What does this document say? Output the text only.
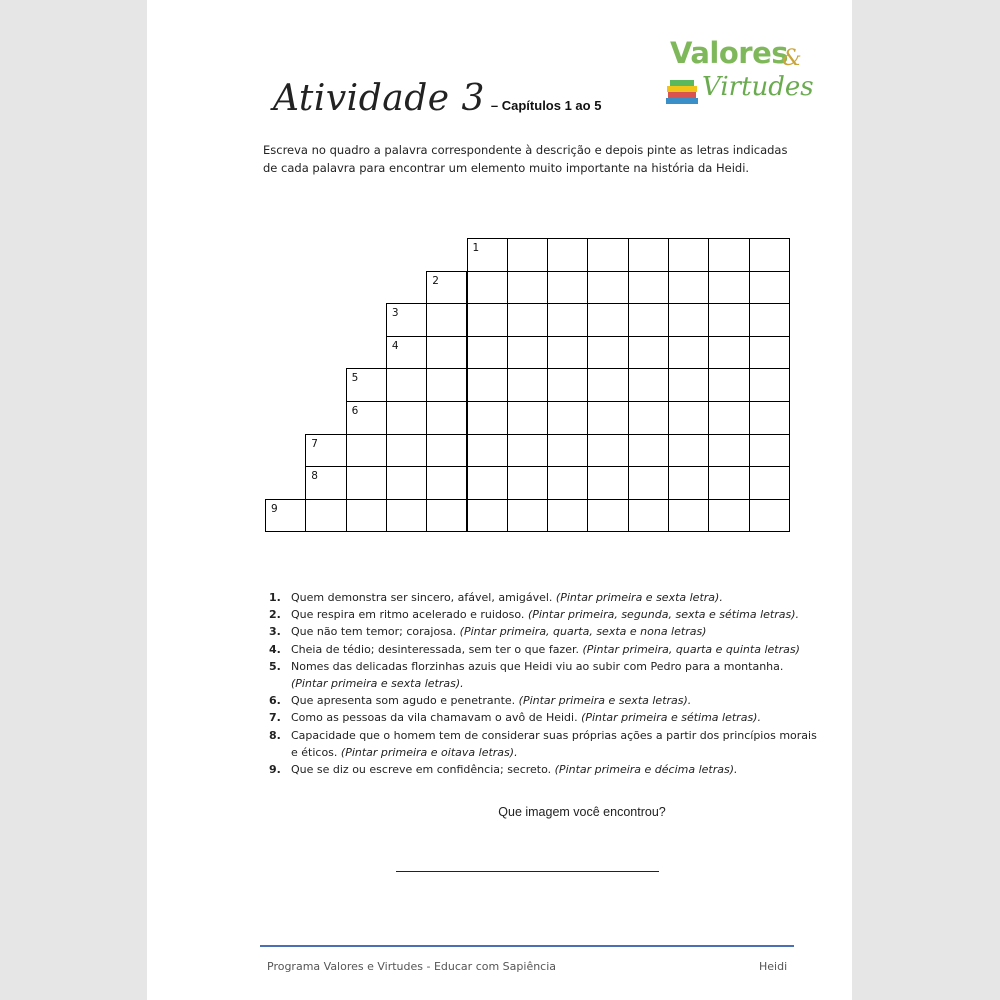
Atividade 3 – Capítulos 1 ao 5
Valores
&
Virtudes
Escreva no quadro a palavra correspondente à descrição e depois pinte as letras indicadas de cada palavra para encontrar um elemento muito importante na história da Heidi.
1
2
3
4
5
6
7
8
9
1. Quem demonstra ser sincero, afável, amigável. (Pintar primeira e sexta letra).
2. Que respira em ritmo acelerado e ruidoso. (Pintar primeira, segunda, sexta e sétima letras).
3. Que não tem temor; corajosa. (Pintar primeira, quarta, sexta e nona letras)
4. Cheia de tédio; desinteressada, sem ter o que fazer. (Pintar primeira, quarta e quinta letras)
5. Nomes das delicadas florzinhas azuis que Heidi viu ao subir com Pedro para a montanha. (Pintar primeira e sexta letras).
6. Que apresenta som agudo e penetrante. (Pintar primeira e sexta letras).
7. Como as pessoas da vila chamavam o avô de Heidi. (Pintar primeira e sétima letras).
8. Capacidade que o homem tem de considerar suas próprias ações a partir dos princípios morais e éticos. (Pintar primeira e oitava letras).
9. Que se diz ou escreve em confidência; secreto. (Pintar primeira e décima letras).
Que imagem você encontrou?
Programa Valores e Virtudes - Educar com Sapiência	Heidi
